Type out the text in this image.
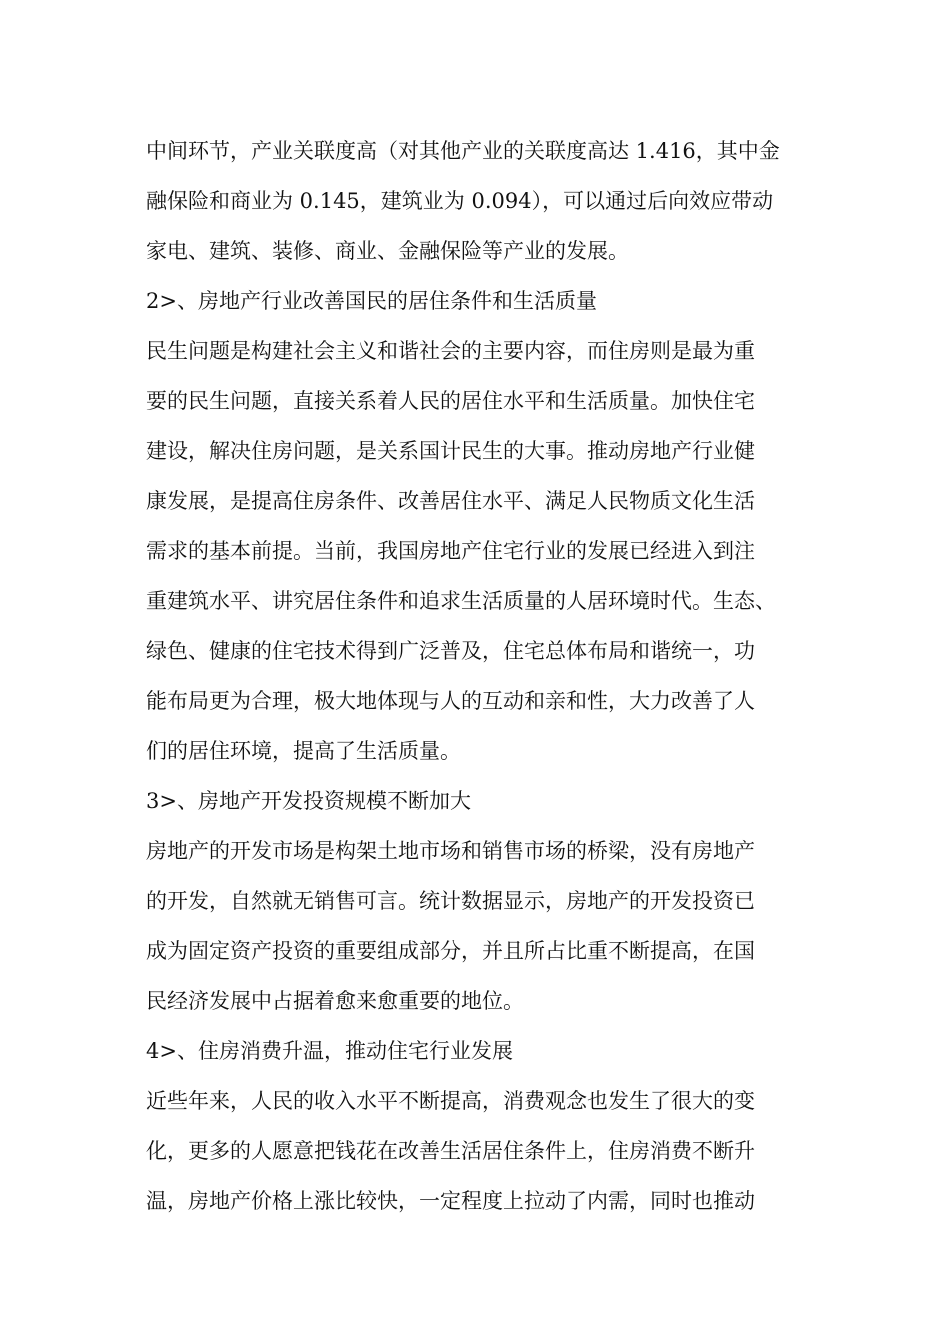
中间环节，产业关联度高（对其他产业的关联度高达 1.416，其中金
融保险和商业为 0.145，建筑业为 0.094），可以通过后向效应带动
家电、建筑、装修、商业、金融保险等产业的发展。
2>、房地产行业改善国民的居住条件和生活质量
民生问题是构建社会主义和谐社会的主要内容，而住房则是最为重
要的民生问题，直接关系着人民的居住水平和生活质量。加快住宅
建设，解决住房问题，是关系国计民生的大事。推动房地产行业健
康发展，是提高住房条件、改善居住水平、满足人民物质文化生活
需求的基本前提。当前，我国房地产住宅行业的发展已经进入到注
重建筑水平、讲究居住条件和追求生活质量的人居环境时代。生态、
绿色、健康的住宅技术得到广泛普及，住宅总体布局和谐统一，功
能布局更为合理，极大地体现与人的互动和亲和性，大力改善了人
们的居住环境，提高了生活质量。
3>、房地产开发投资规模不断加大
房地产的开发市场是构架土地市场和销售市场的桥梁，没有房地产
的开发，自然就无销售可言。统计数据显示，房地产的开发投资已
成为固定资产投资的重要组成部分，并且所占比重不断提高，在国
民经济发展中占据着愈来愈重要的地位。
4>、住房消费升温，推动住宅行业发展
近些年来，人民的收入水平不断提高，消费观念也发生了很大的变
化，更多的人愿意把钱花在改善生活居住条件上，住房消费不断升
温，房地产价格上涨比较快，一定程度上拉动了内需，同时也推动
